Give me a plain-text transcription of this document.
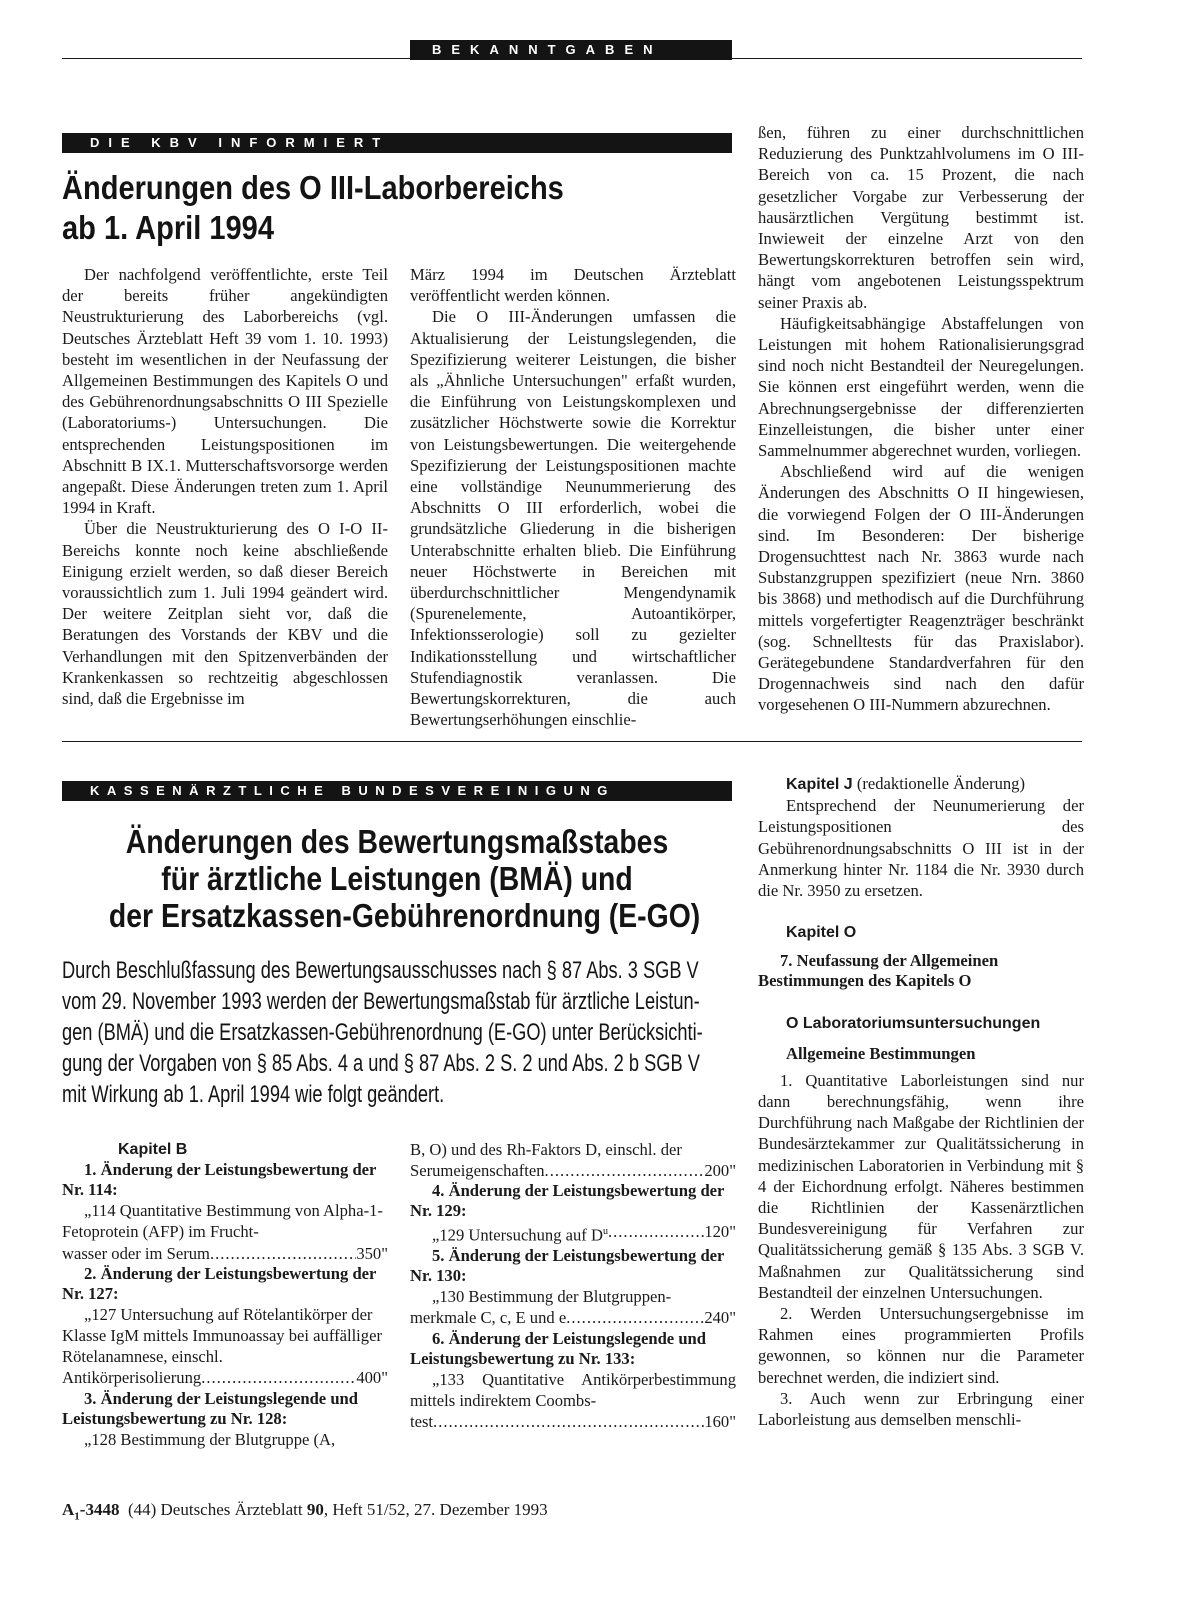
BEKANNTGABEN
DIE KBV INFORMIERT
Änderungen des O III-Laborbereichs
ab 1. April 1994

Der nachfolgend veröffentlichte, erste Teil der bereits früher angekündigten Neustrukturierung des Laborbereichs (vgl. Deutsches Ärzteblatt Heft 39 vom 1. 10. 1993) besteht im wesentlichen in der Neufassung der Allgemeinen Bestimmungen des Kapitels O und des Gebührenordnungsabschnitts O III Spezielle (Laboratoriums-) Untersuchungen. Die entsprechenden Leistungspositionen im Abschnitt B IX.1. Mutterschaftsvorsorge werden angepaßt. Diese Änderungen treten zum 1. April 1994 in Kraft.

Über die Neustrukturierung des O I-O II-Bereichs konnte noch keine abschließende Einigung erzielt werden, so daß dieser Bereich voraussichtlich zum 1. Juli 1994 geändert wird. Der weitere Zeitplan sieht vor, daß die Beratungen des Vorstands der KBV und die Verhandlungen mit den Spitzenverbänden der Krankenkassen so rechtzeitig abgeschlossen sind, daß die Ergebnisse im

März 1994 im Deutschen Ärzteblatt veröffentlicht werden können.

Die O III-Änderungen umfassen die Aktualisierung der Leistungslegenden, die Spezifizierung weiterer Leistungen, die bisher als „Ähnliche Untersuchungen" erfaßt wurden, die Einführung von Leistungskomplexen und zusätzlicher Höchstwerte sowie die Korrektur von Leistungsbewertungen. Die weitergehende Spezifizierung der Leistungspositionen machte eine vollständige Neunummerierung des Abschnitts O III erforderlich, wobei die grundsätzliche Gliederung in die bisherigen Unterabschnitte erhalten blieb. Die Einführung neuer Höchstwerte in Bereichen mit überdurchschnittlicher Mengendynamik (Spurenelemente, Autoantikörper, Infektionsserologie) soll zu gezielter Indikationsstellung und wirtschaftlicher Stufendiagnostik veranlassen. Die Bewertungskorrekturen, die auch Bewertungserhöhungen einschlie-

ßen, führen zu einer durchschnittlichen Reduzierung des Punktzahlvolumens im O III-Bereich von ca. 15 Prozent, die nach gesetzlicher Vorgabe zur Verbesserung der hausärztlichen Vergütung bestimmt ist. Inwieweit der einzelne Arzt von den Bewertungskorrekturen betroffen sein wird, hängt vom angebotenen Leistungsspektrum seiner Praxis ab.

Häufigkeitsabhängige Abstaffelungen von Leistungen mit hohem Rationalisierungsgrad sind noch nicht Bestandteil der Neuregelungen. Sie können erst eingeführt werden, wenn die Abrechnungsergebnisse der differenzierten Einzelleistungen, die bisher unter einer Sammelnummer abgerechnet wurden, vorliegen.

Abschließend wird auf die wenigen Änderungen des Abschnitts O II hingewiesen, die vorwiegend Folgen der O III-Änderungen sind. Im Besonderen: Der bisherige Drogensuchttest nach Nr. 3863 wurde nach Substanzgruppen spezifiziert (neue Nrn. 3860 bis 3868) und methodisch auf die Durchführung mittels vorgefertigter Reagenzträger beschränkt (sog. Schnelltests für das Praxislabor). Gerätegebundene Standardverfahren für den Drogennachweis sind nach den dafür vorgesehenen O III-Nummern abzurechnen.

KASSENÄRZTLICHE BUNDESVEREINIGUNG
Änderungen des Bewertungsmaßstabes
für ärztliche Leistungen (BMÄ) und
der Ersatzkassen-Gebührenordnung (E-GO)
Durch Beschlußfassung des Bewertungsausschusses nach § 87 Abs. 3 SGB V
vom 29. November 1993 werden der Bewertungsmaßstab für ärztliche Leistun-
gen (BMÄ) und die Ersatzkassen-Gebührenordnung (E-GO) unter Berücksichti-
gung der Vorgaben von § 85 Abs. 4 a und § 87 Abs. 2 S. 2 und Abs. 2 b SGB V
mit Wirkung ab 1. April 1994 wie folgt geändert.

Kapitel B

1. Änderung der Leistungsbewertung der Nr. 114:

„114 Quantitative Bestimmung von Alpha-1-Fetoprotein (AFP) im Frucht-

wasser oder im Serum .....	350"

2. Änderung der Leistungsbewertung der Nr. 127:

„127 Untersuchung auf Rötelantikörper der Klasse IgM mittels Immunoassay bei auffälliger Rötelanamnese, einschl.

Antikörperisolierung .....	400"

3. Änderung der Leistungslegende und Leistungsbewertung zu Nr. 128:

„128 Bestimmung der Blutgruppe (A,

B, O) und des Rh-Faktors D, einschl. der

Serumeigenschaften .....	200"

4. Änderung der Leistungsbewertung der Nr. 129:

„129 Untersuchung auf $D^u$ .....	120"

5. Änderung der Leistungsbewertung der Nr. 130:

„130 Bestimmung der Blutgruppen-

merkmale C, c, E und e .....	240"

6. Änderung der Leistungslegende und Leistungsbewertung zu Nr. 133:

„133 Quantitative Antikörperbestimmung mittels indirektem Coombs-

test .....	160"

Kapitel J (redaktionelle Änderung)

Entsprechend der Neunumerierung der Leistungspositionen des Gebührenordnungsabschnitts O III ist in der Anmerkung hinter Nr. 1184 die Nr. 3930 durch die Nr. 3950 zu ersetzen.

Kapitel O

7. Neufassung der Allgemeinen Bestimmungen des Kapitels O

O Laboratoriumsuntersuchungen

Allgemeine Bestimmungen

1. Quantitative Laborleistungen sind nur dann berechnungsfähig, wenn ihre Durchführung nach Maßgabe der Richtlinien der Bundesärztekammer zur Qualitätssicherung in medizinischen Laboratorien in Verbindung mit § 4 der Eichordnung erfolgt. Näheres bestimmen die Richtlinien der Kassenärztlichen Bundesvereinigung für Verfahren zur Qualitätssicherung gemäß § 135 Abs. 3 SGB V. Maßnahmen zur Qualitätssicherung sind Bestandteil der einzelnen Untersuchungen.

2. Werden Untersuchungsergebnisse im Rahmen eines programmierten Profils gewonnen, so können nur die Parameter berechnet werden, die indiziert sind.

3. Auch wenn zur Erbringung einer Laborleistung aus demselben menschli-

$A_1-3448$ (44) Deutsches Ärzteblatt 90, Heft 51/52, 27. Dezember 1993
